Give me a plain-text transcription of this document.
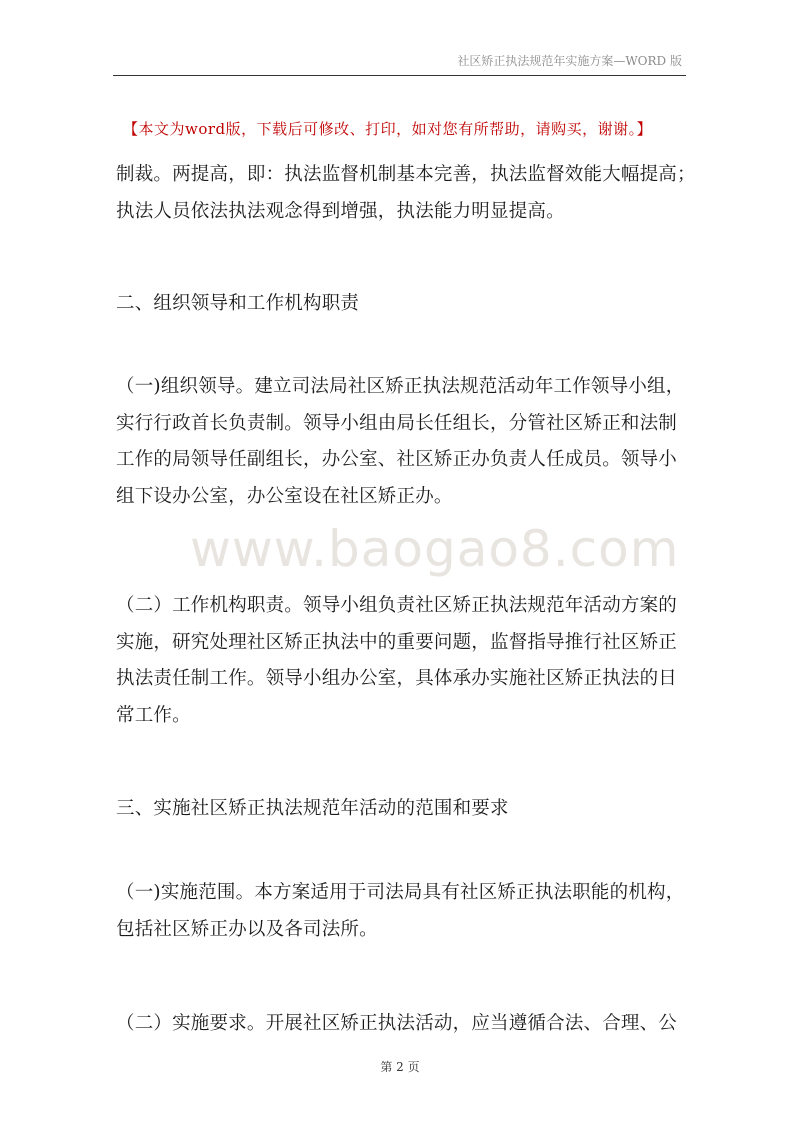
社区矫正执法规范年实施方案—WORD 版
【本文为word版，下载后可修改、打印，如对您有所帮助，请购买，谢谢。】
www.baogao8.com

制裁。两提高，即：执法监督机制基本完善，执法监督效能大幅提高；
执法人员依法执法观念得到增强，执法能力明显提高。

二、组织领导和工作机构职责

（一)组织领导。建立司法局社区矫正执法规范活动年工作领导小组，
实行行政首长负责制。领导小组由局长任组长，分管社区矫正和法制
工作的局领导任副组长，办公室、社区矫正办负责人任成员。领导小
组下设办公室，办公室设在社区矫正办。

（二）工作机构职责。领导小组负责社区矫正执法规范年活动方案的
实施，研究处理社区矫正执法中的重要问题，监督指导推行社区矫正
执法责任制工作。领导小组办公室，具体承办实施社区矫正执法的日
常工作。

三、实施社区矫正执法规范年活动的范围和要求

（一)实施范围。本方案适用于司法局具有社区矫正执法职能的机构，
包括社区矫正办以及各司法所。

（二）实施要求。开展社区矫正执法活动，应当遵循合法、合理、公

第 2 页
